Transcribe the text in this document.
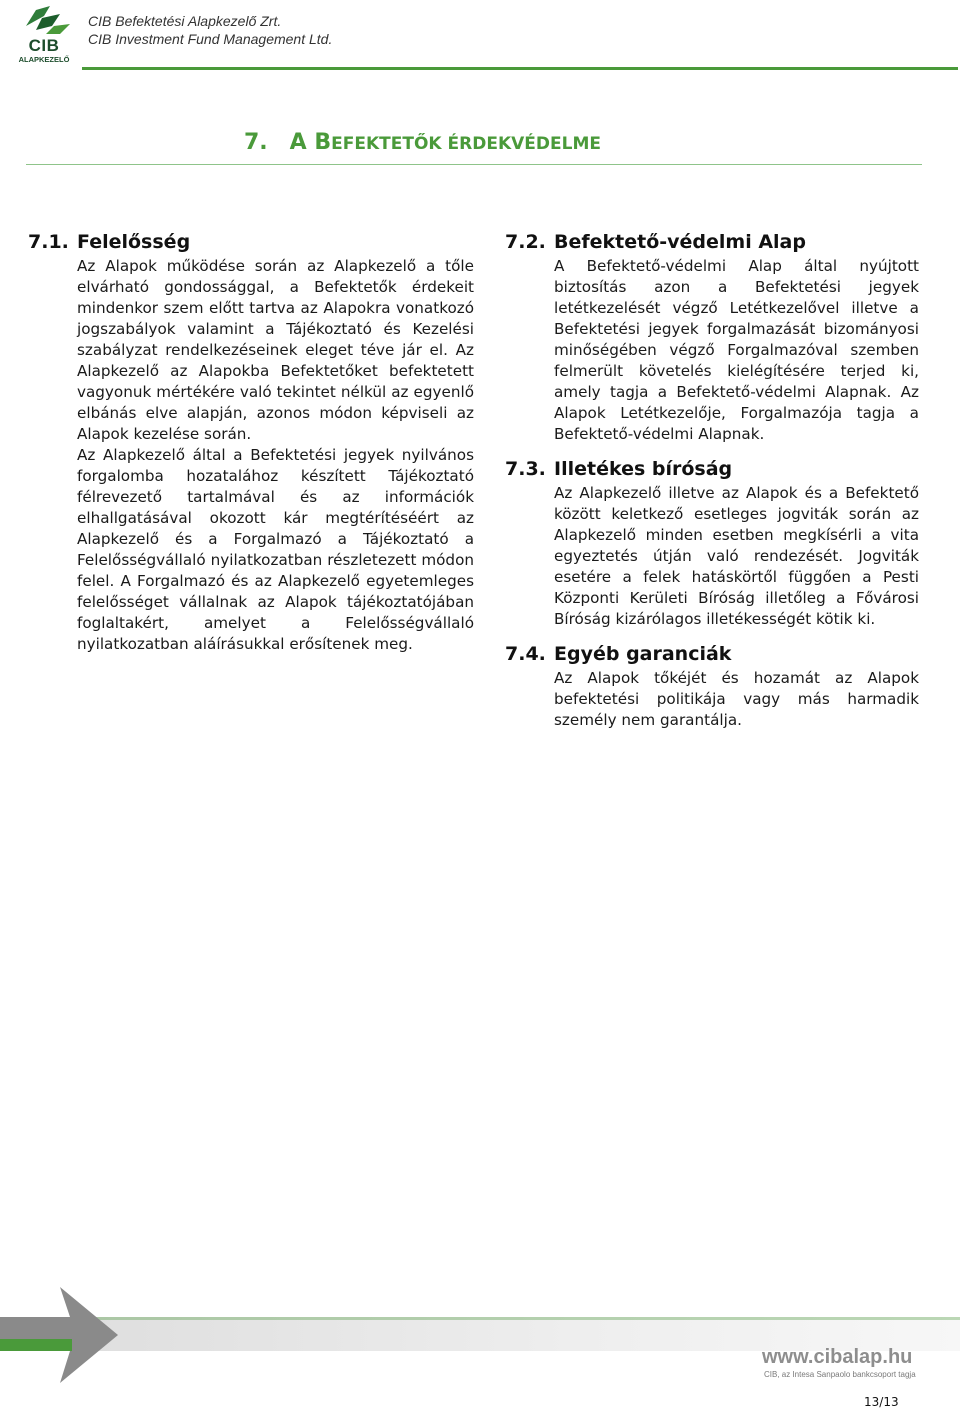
CIB
ALAPKEZELŐ
CIB Befektetési Alapkezelő Zrt.
CIB Investment Fund Management Ltd.
7. A BEFEKTETŐK ÉRDEKVÉDELME
7.1. Felelősség

Az Alapok működése során az Alapkezelő a tőle elvárható gondossággal, a Befektetők érdekeit mindenkor szem előtt tartva az Alapokra vonatkozó jogszabályok valamint a Tájékoztató és Kezelési szabályzat rendelkezéseinek eleget téve jár el. Az Alapkezelő az Alapokba Befektetőket befektetett vagyonuk mértékére való tekintet nélkül az egyenlő elbánás elve alapján, azonos módon képviseli az Alapok kezelése során.

Az Alapkezelő által a Befektetési jegyek nyilvános forgalomba hozatalához készített Tájékoztató félrevezető tartalmával és az információk elhallgatásával okozott kár megtérítéséért az Alapkezelő és a Forgalmazó a Tájékoztató a Felelősségvállaló nyilatkozatban részletezett módon felel. A Forgalmazó és az Alapkezelő egyetemleges felelősséget vállalnak az Alapok tájékoztatójában foglaltakért, amelyet a Felelősségvállaló nyilatkozatban aláírásukkal erősítenek meg.

7.2. Befektető-védelmi Alap

A Befektető-védelmi Alap által nyújtott biztosítás azon a Befektetési jegyek letétkezelését végző Letétkezelővel illetve a Befektetési jegyek forgalmazását bizományosi minőségében végző Forgalmazóval szemben felmerült követelés kielégítésére terjed ki, amely tagja a Befektető-védelmi Alapnak. Az Alapok Letétkezelője, Forgalmazója tagja a Befektető-védelmi Alapnak.

7.3. Illetékes bíróság

Az Alapkezelő illetve az Alapok és a Befektető között keletkező esetleges jogviták során az Alapkezelő minden esetben megkísérli a vita egyeztetés útján való rendezését. Jogviták esetére a felek hatáskörtől függően a Pesti Központi Kerületi Bíróság illetőleg a Fővárosi Bíróság kizárólagos illetékességét kötik ki.

7.4. Egyéb garanciák

Az Alapok tőkéjét és hozamát az Alapok befektetési politikája vagy más harmadik személy nem garantálja.

www.cibalap.hu
CIB, az Intesa Sanpaolo bankcsoport tagja
13/13
